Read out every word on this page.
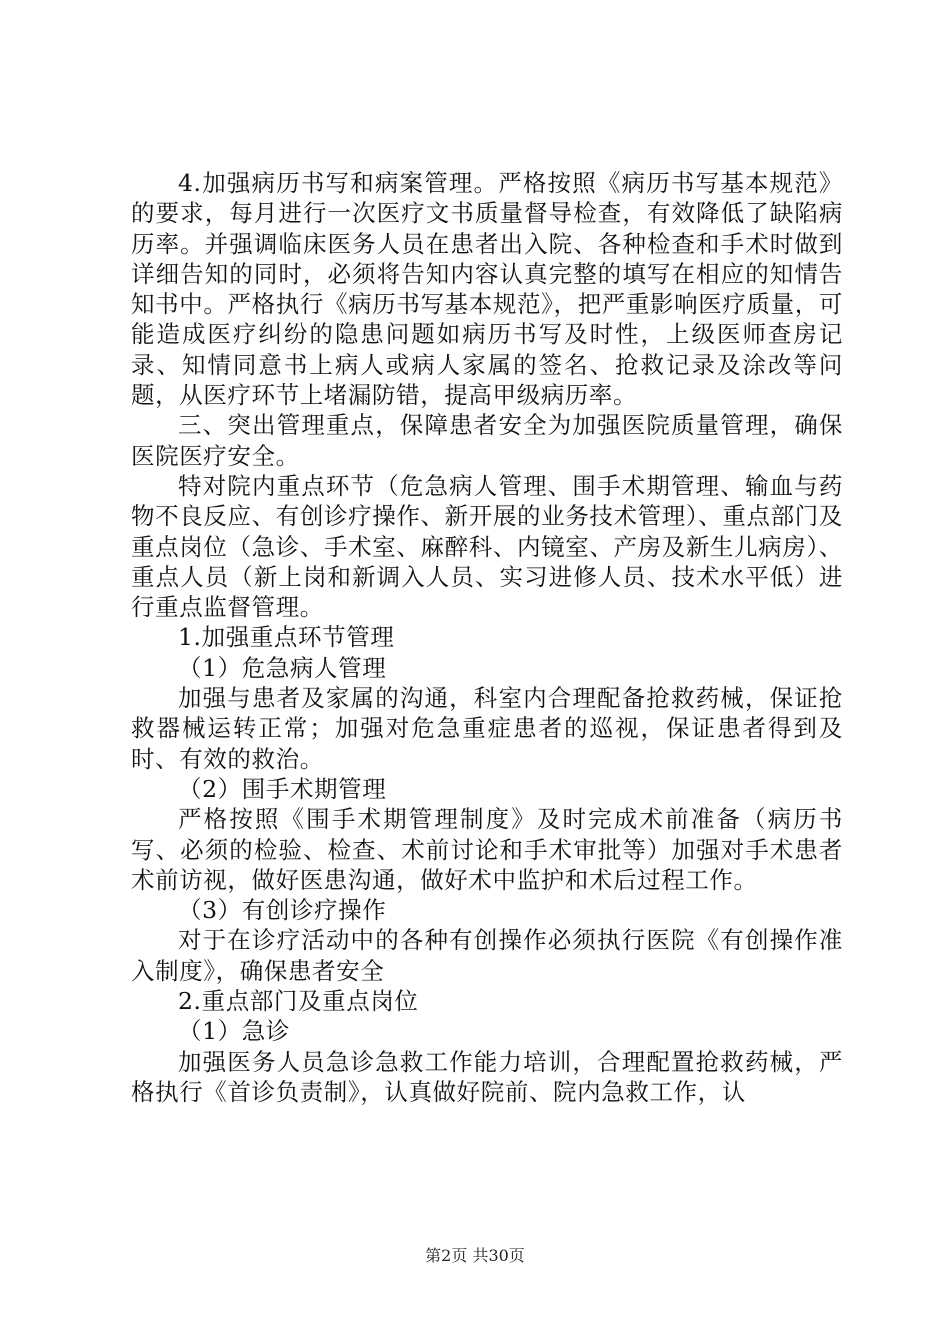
4.加强病历书写和病案管理。严格按照《病历书写基本规范》的要求，每月进行一次医疗文书质量督导检查，有效降低了缺陷病历率。并强调临床医务人员在患者出入院、各种检查和手术时做到详细告知的同时，必须将告知内容认真完整的填写在相应的知情告知书中。严格执行《病历书写基本规范》，把严重影响医疗质量，可能造成医疗纠纷的隐患问题如病历书写及时性，上级医师查房记录、知情同意书上病人或病人家属的签名、抢救记录及涂改等问题，从医疗环节上堵漏防错，提高甲级病历率。

三、突出管理重点，保障患者安全为加强医院质量管理，确保医院医疗安全。

特对院内重点环节（危急病人管理、围手术期管理、输血与药物不良反应、有创诊疗操作、新开展的业务技术管理）、重点部门及重点岗位（急诊、手术室、麻醉科、内镜室、产房及新生儿病房）、重点人员（新上岗和新调入人员、实习进修人员、技术水平低）进行重点监督管理。

1.加强重点环节管理

（1）危急病人管理

加强与患者及家属的沟通，科室内合理配备抢救药械，保证抢救器械运转正常；加强对危急重症患者的巡视，保证患者得到及时、有效的救治。

（2）围手术期管理

严格按照《围手术期管理制度》及时完成术前准备（病历书写、必须的检验、检查、术前讨论和手术审批等）加强对手术患者术前访视，做好医患沟通，做好术中监护和术后过程工作。

（3）有创诊疗操作

对于在诊疗活动中的各种有创操作必须执行医院《有创操作准入制度》，确保患者安全

2.重点部门及重点岗位

（1）急诊

加强医务人员急诊急救工作能力培训，合理配置抢救药械，严格执行《首诊负责制》，认真做好院前、院内急救工作，认

第2页 共30页
